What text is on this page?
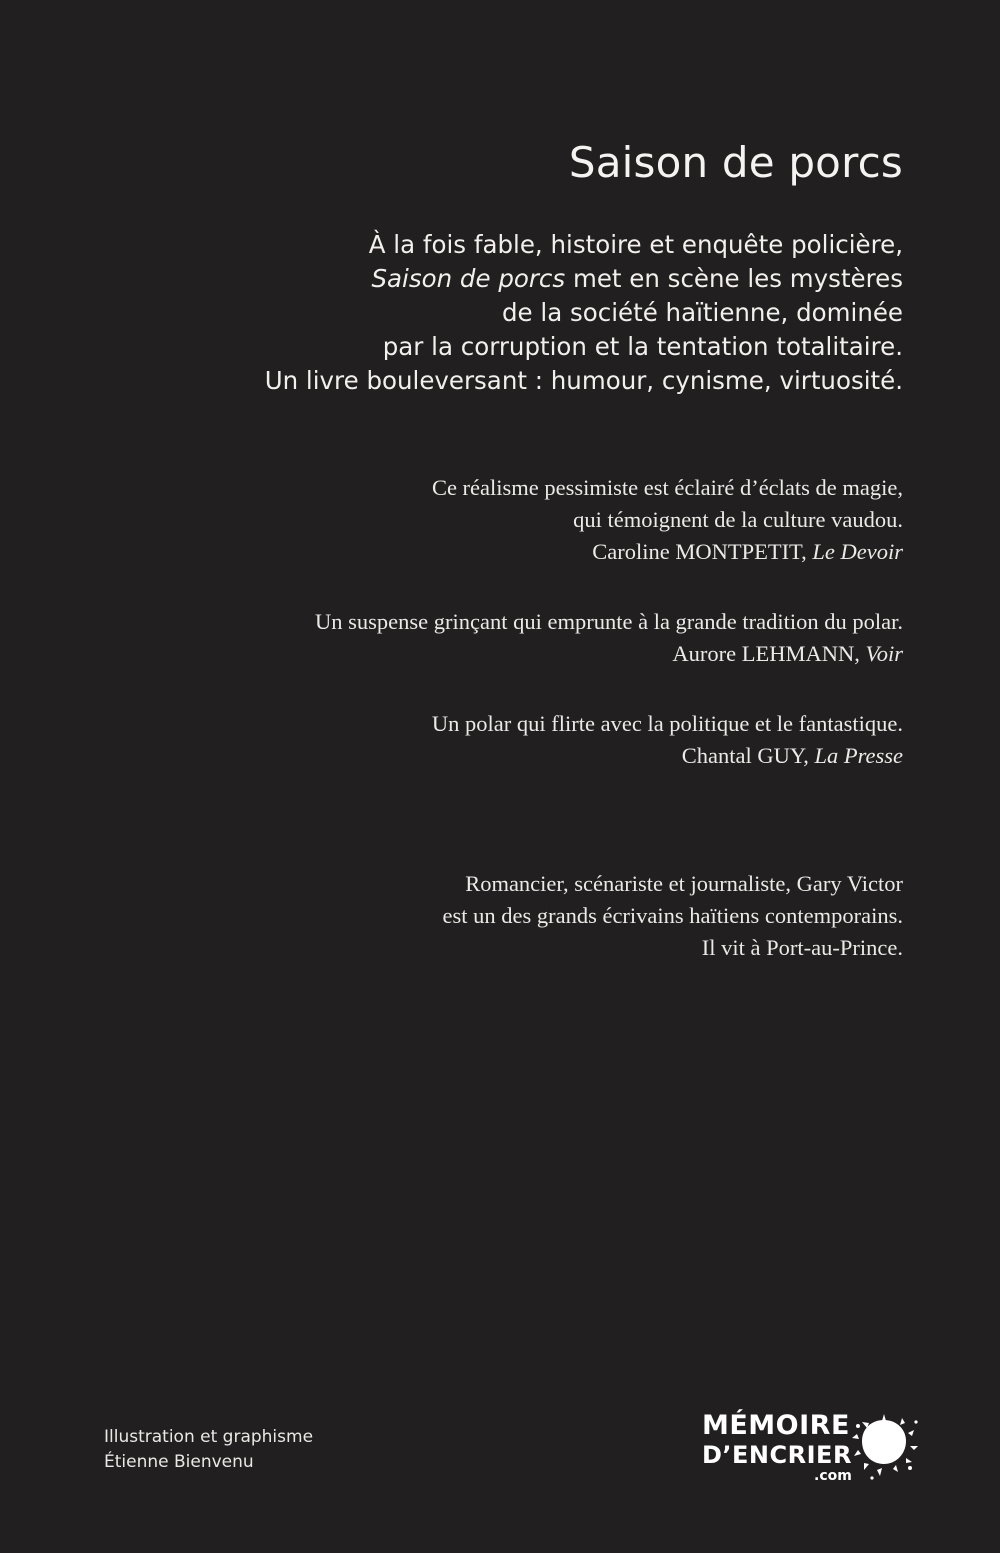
Saison de porcs
À la fois fable, histoire et enquête policière,
Saison de porcs met en scène les mystères
de la société haïtienne, dominée
par la corruption et la tentation totalitaire.
Un livre bouleversant : humour, cynisme, virtuosité.
Ce réalisme pessimiste est éclairé d’éclats de magie,
qui témoignent de la culture vaudou.
Caroline MONTPETIT, Le Devoir
Un suspense grinçant qui emprunte à la grande tradition du polar.
Aurore LEHMANN, Voir
Un polar qui flirte avec la politique et le fantastique.
Chantal GUY, La Presse
Romancier, scénariste et journaliste, Gary Victor
est un des grands écrivains haïtiens contemporains.
Il vit à Port-au-Prince.
Illustration et graphisme
Étienne Bienvenu
MÉMOIRE
D’ENCRIER
.com
